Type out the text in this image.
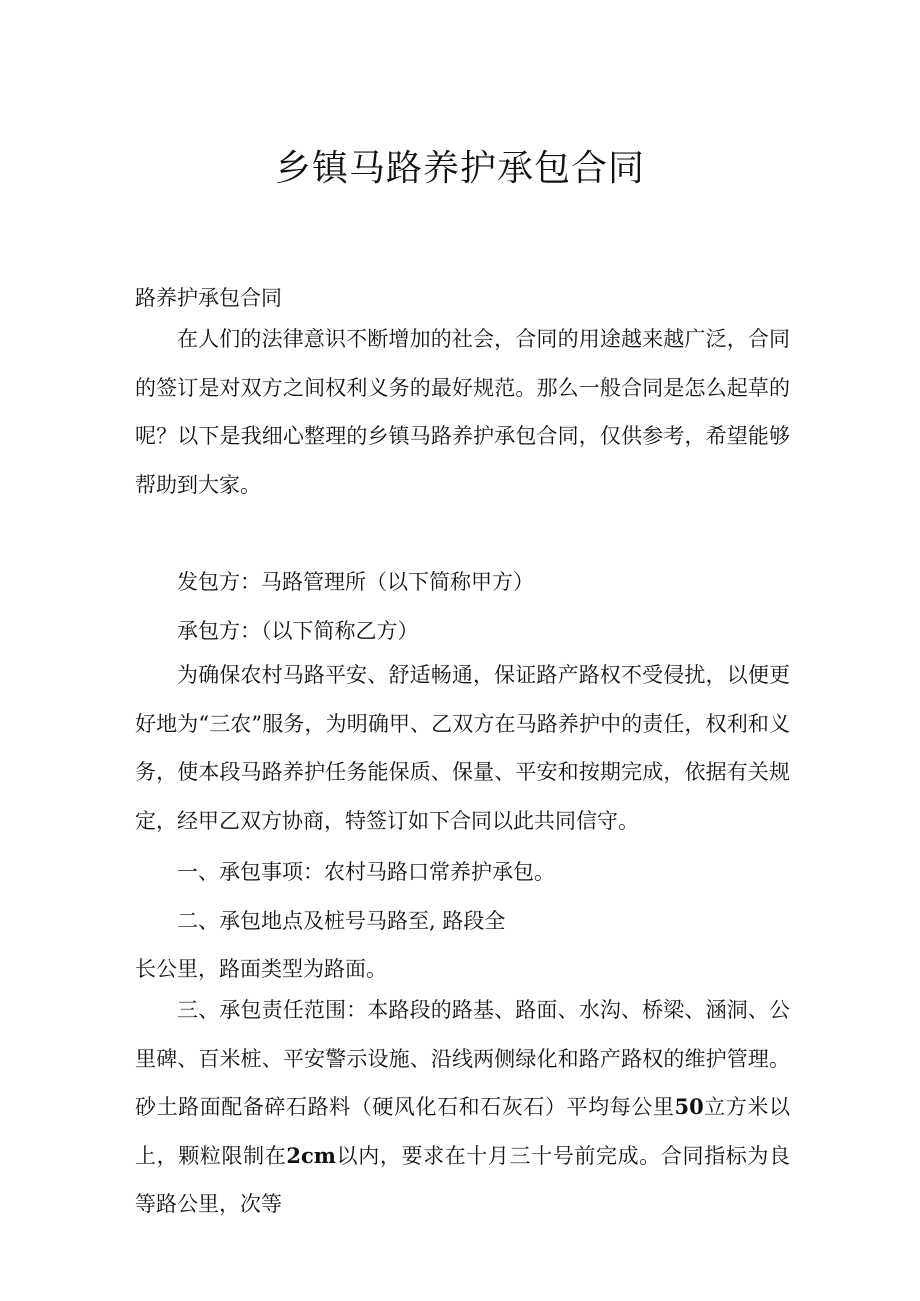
乡镇马路养护承包合同

路养护承包合同

在人们的法律意识不断增加的社会，合同的用途越来越广泛，合同的签订是对双方之间权利义务的最好规范。那么一般合同是怎么起草的呢？以下是我细心整理的乡镇马路养护承包合同，仅供参考，希望能够帮助到大家。

发包方：马路管理所（以下简称甲方）

承包方：（以下简称乙方）

为确保农村马路平安、舒适畅通，保证路产路权不受侵扰，以便更好地为“三农”服务，为明确甲、乙双方在马路养护中的责任，权利和义务，使本段马路养护任务能保质、保量、平安和按期完成，依据有关规定，经甲乙双方协商，特签订如下合同以此共同信守。

一、承包事项：农村马路口常养护承包。

二、承包地点及桩号马路至, 路段全

长公里，路面类型为路面。

三、承包责任范围：本路段的路基、路面、水沟、桥梁、涵洞、公里碑、百米桩、平安警示设施、沿线两侧绿化和路产路权的维护管理。砂土路面配备碎石路料（硬风化石和石灰石）平均每公里50立方米以上，颗粒限制在2cm以内，要求在十月三十号前完成。合同指标为良等路公里，次等
